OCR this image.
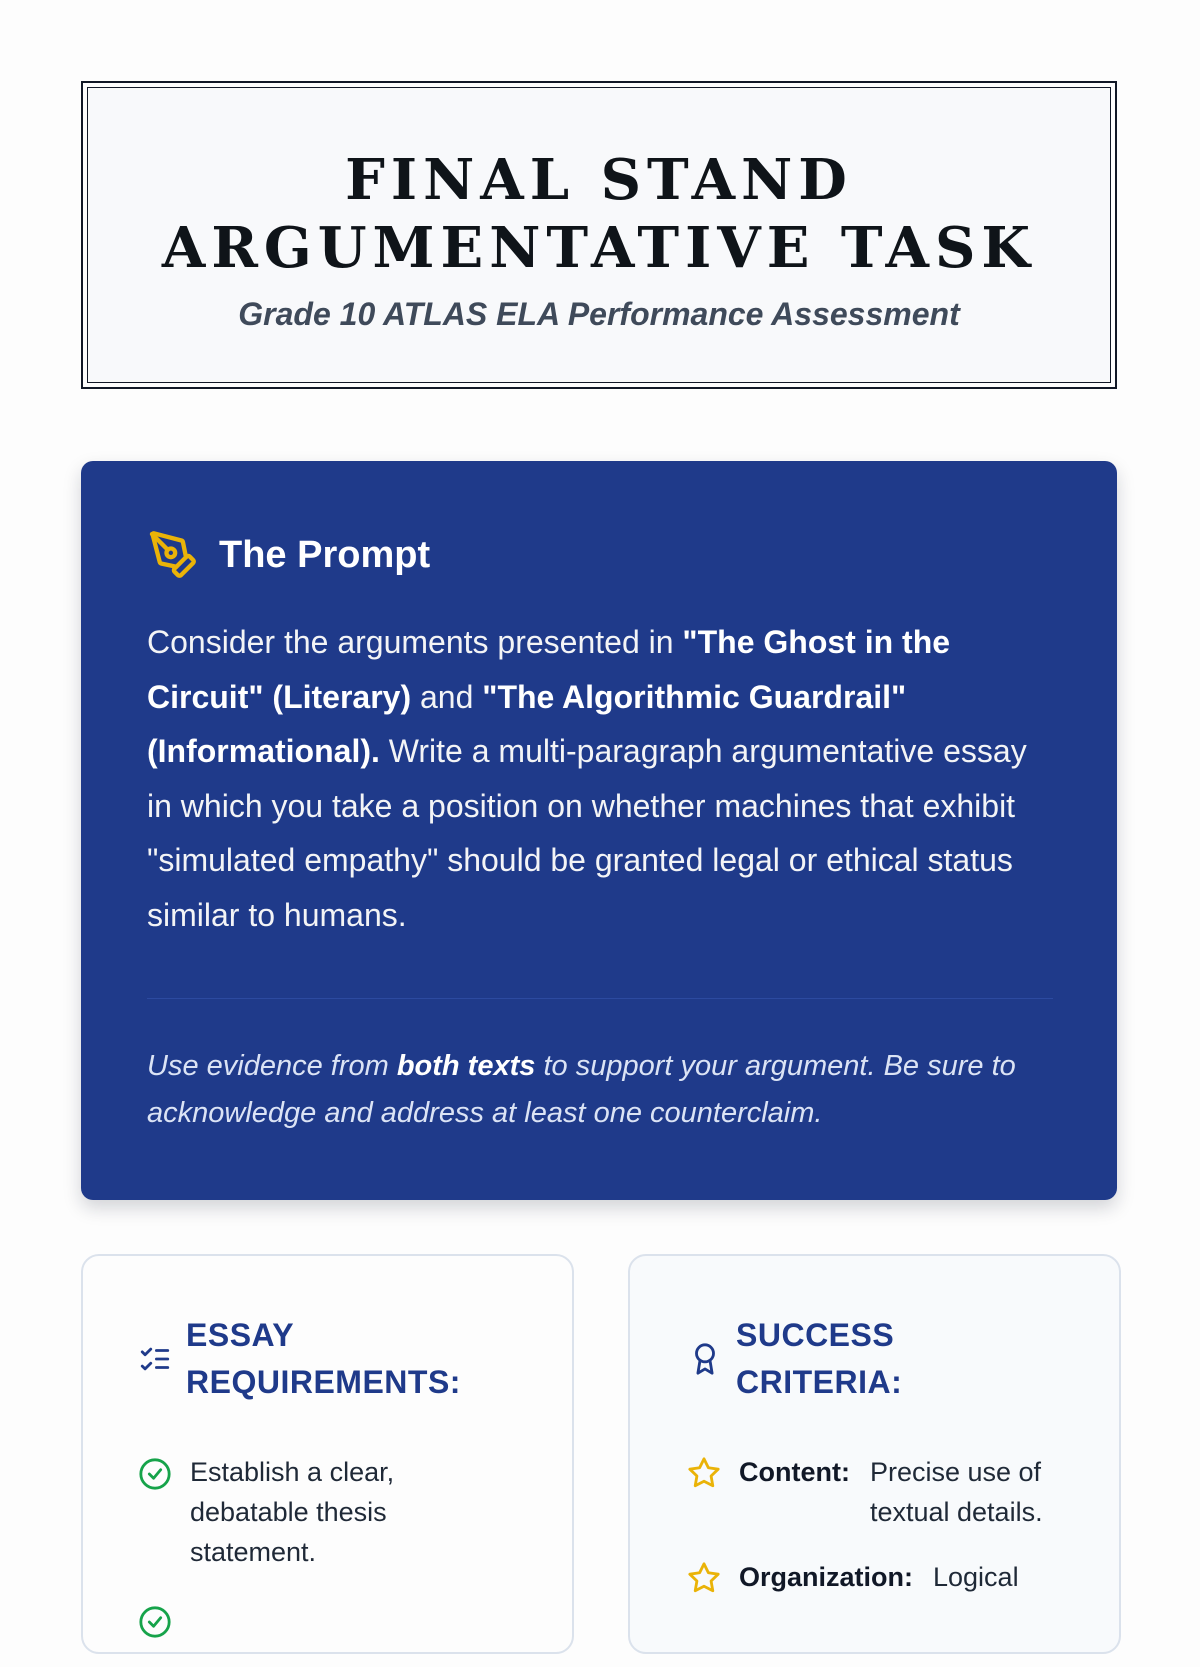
FINAL STAND
ARGUMENTATIVE TASK
Grade 10 ATLAS ELA Performance Assessment
The Prompt

Consider the arguments presented in "The Ghost in the Circuit" (Literary) and "The Algorithmic Guardrail" (Informational). Write a multi-paragraph argumentative essay in which you take a position on whether machines that exhibit "simulated empathy" should be granted legal or ethical status similar to humans.

Use evidence from both texts to support your argument. Be sure to acknowledge and address at least one counterclaim.

ESSAY
REQUIREMENTS:
Establish a clear, debatable thesis statement.
SUCCESS
CRITERIA:
Content: Precise use of textual details.
Organization: Logical
